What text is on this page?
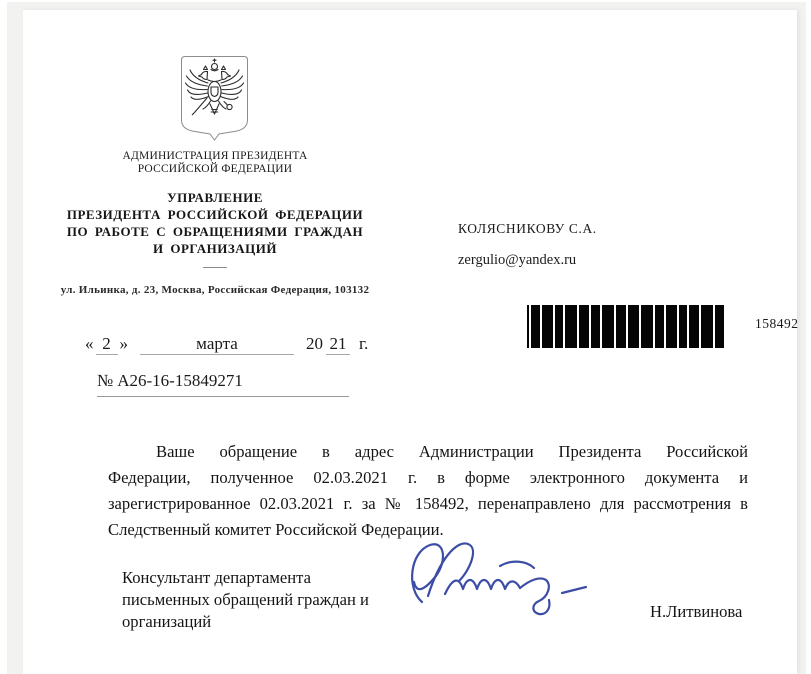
АДМИНИСТРАЦИЯ ПРЕЗИДЕНТА
РОССИЙСКОЙ ФЕДЕРАЦИИ
УПРАВЛЕНИЕ
ПРЕЗИДЕНТА РОССИЙСКОЙ ФЕДЕРАЦИИ
ПО РАБОТЕ С ОБРАЩЕНИЯМИ ГРАЖДАН
И ОРГАНИЗАЦИЙ
ул. Ильинка, д. 23, Москва, Российская Федерация, 103132
« 2 »	марта	20 21 г.
№ А26-16-15849271
КОЛЯСНИКОВУ С.А.
zergulio@yandex.ru
158492
Ваше обращение в адрес Администрации Президента Российской
Федерации, полученное 02.03.2021 г. в форме электронного документа и
зарегистрированное 02.03.2021 г. за № 158492, перенаправлено для рассмотрения в
Следственный комитет Российской Федерации.
Консультант департамента
письменных обращений граждан и
организаций
Н.Литвинова
